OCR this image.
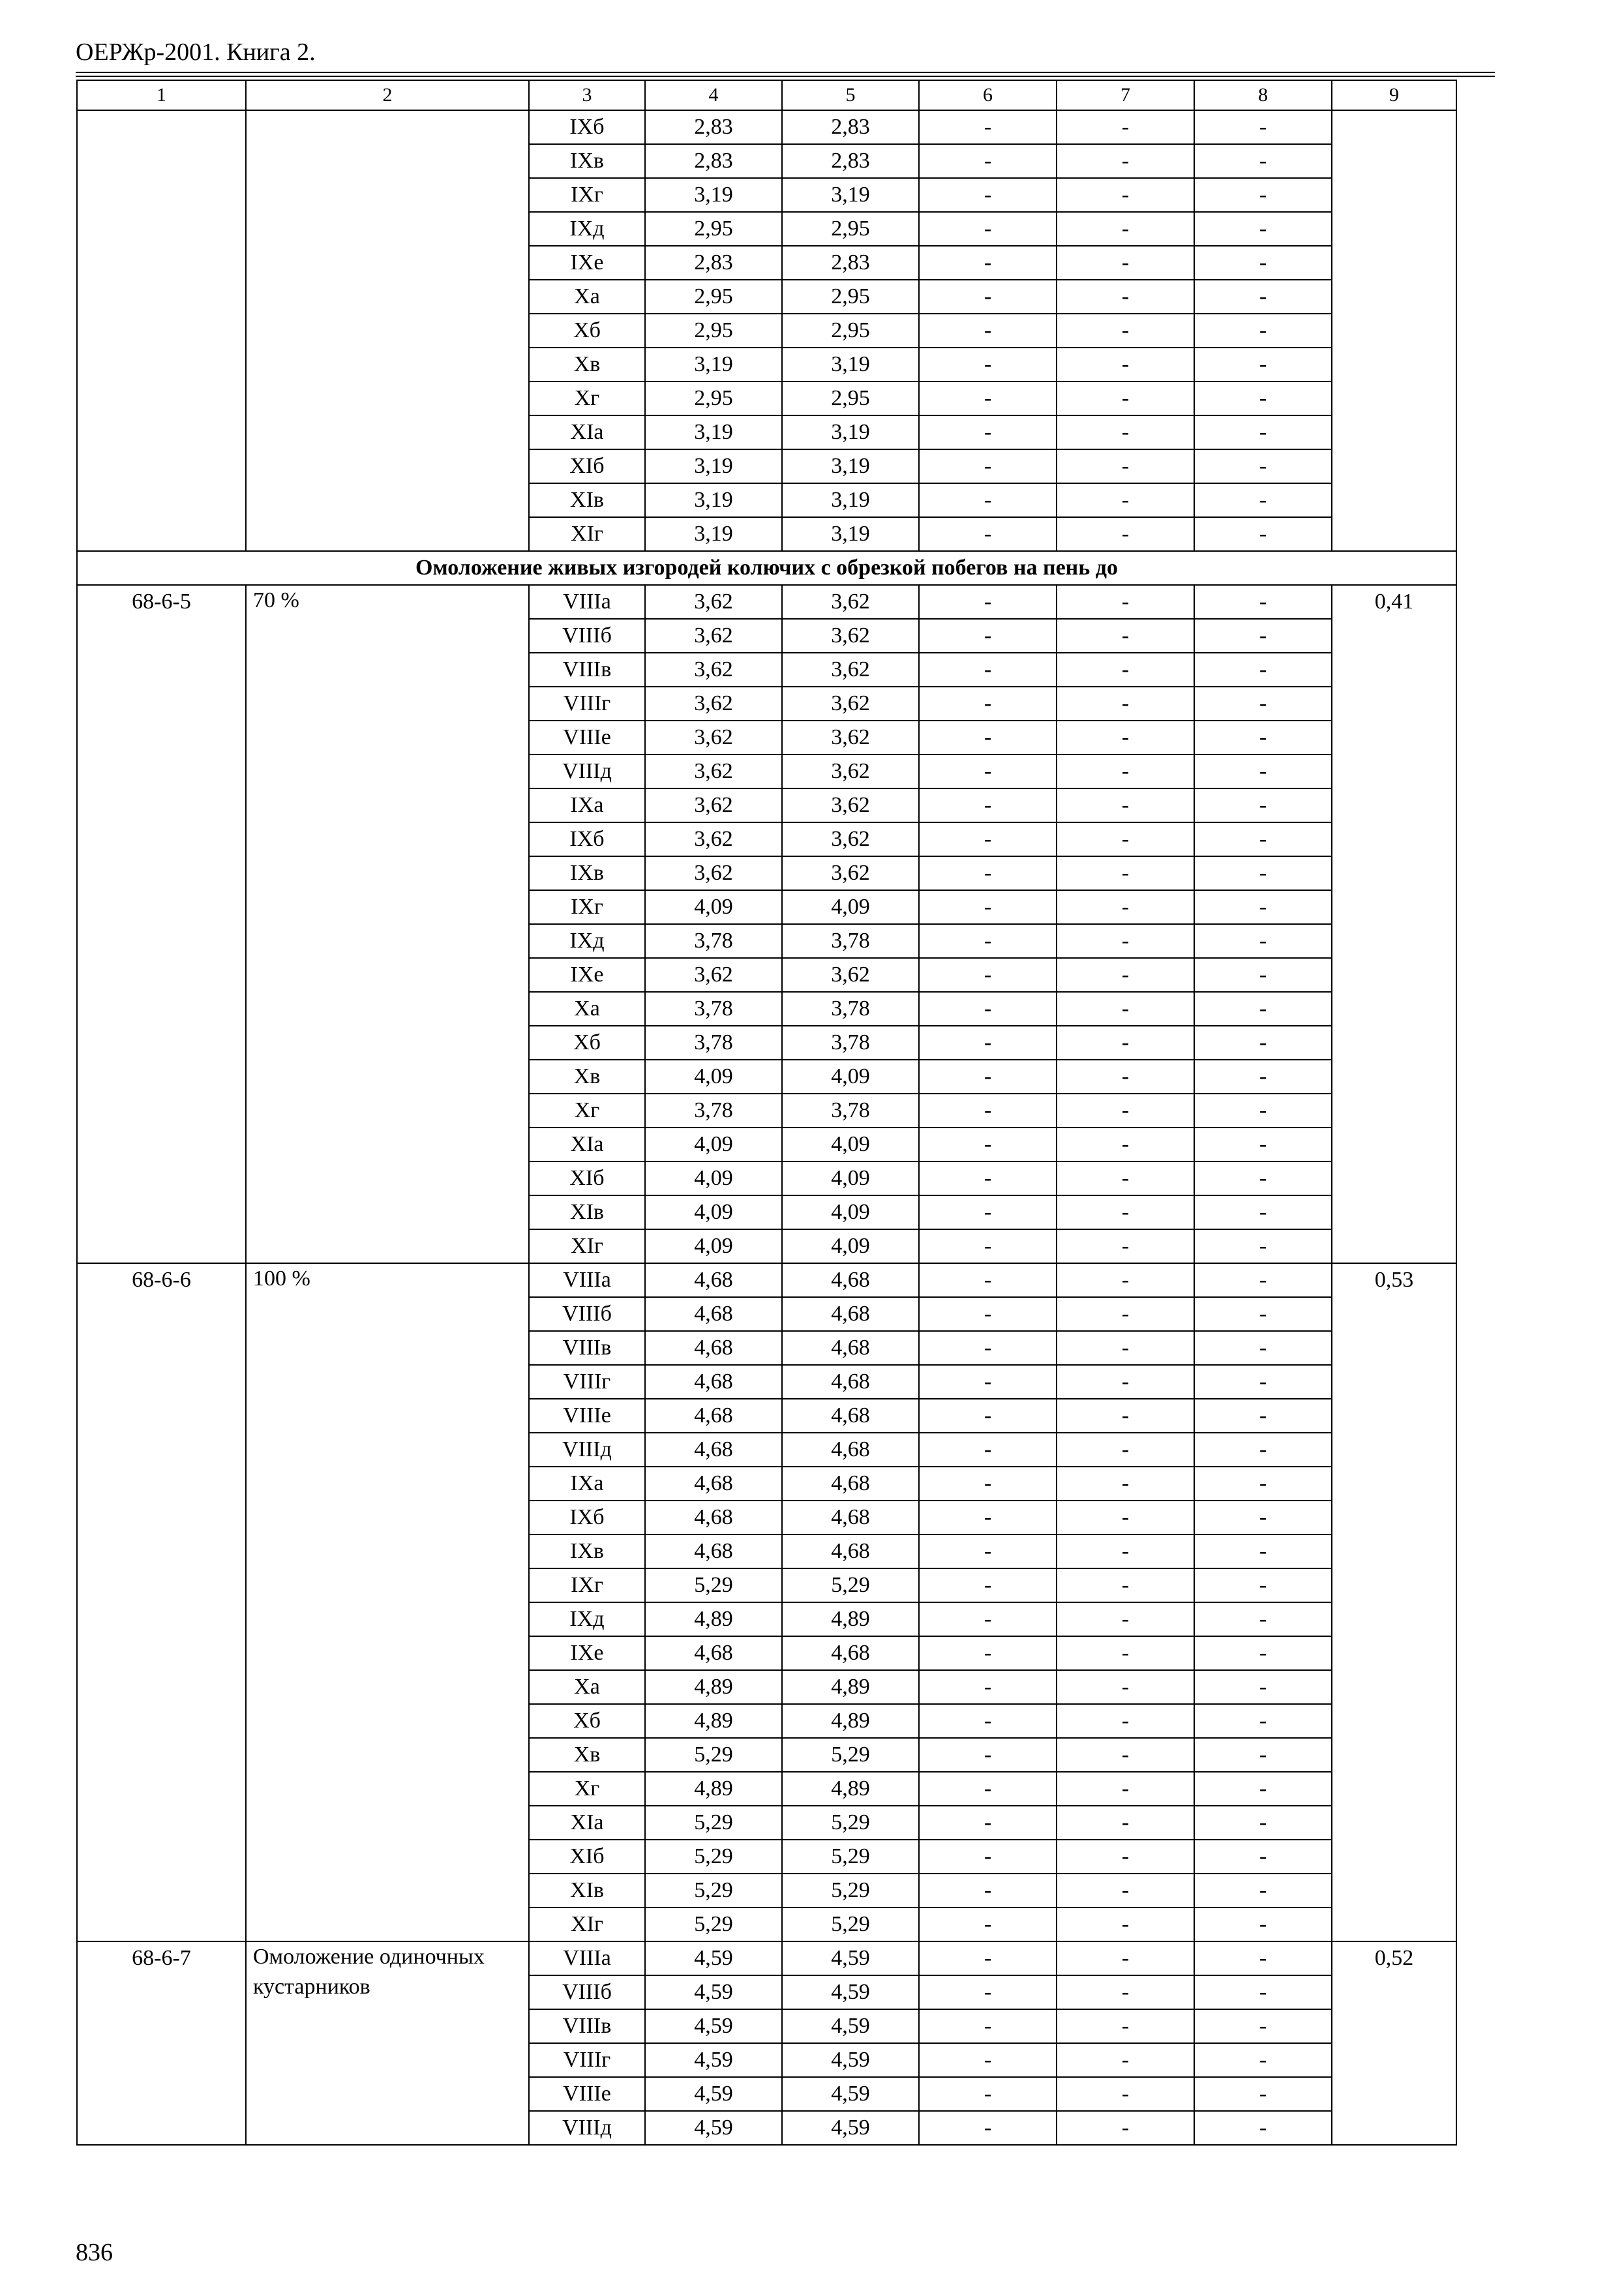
ОЕРЖр-2001. Книга 2.
1	2	3	4	5	6	7	8	9
		IXб	2,83	2,83	-	-	-	
		IXв	2,83	2,83	-	-	-	
		IXг	3,19	3,19	-	-	-	
		IXд	2,95	2,95	-	-	-	
		IXе	2,83	2,83	-	-	-	
		Xа	2,95	2,95	-	-	-	
		Xб	2,95	2,95	-	-	-	
		Xв	3,19	3,19	-	-	-	
		Xг	2,95	2,95	-	-	-	
		XIа	3,19	3,19	-	-	-	
		XIб	3,19	3,19	-	-	-	
		XIв	3,19	3,19	-	-	-	
		XIг	3,19	3,19	-	-	-	
Омоложение живых изгородей колючих с обрезкой побегов на пень до								
68-6-5	70 %	VIIIа	3,62	3,62	-	-	-	0,41
		VIIIб	3,62	3,62	-	-	-	
		VIIIв	3,62	3,62	-	-	-	
		VIIIг	3,62	3,62	-	-	-	
		VIIIе	3,62	3,62	-	-	-	
		VIIIд	3,62	3,62	-	-	-	
		IXа	3,62	3,62	-	-	-	
		IXб	3,62	3,62	-	-	-	
		IXв	3,62	3,62	-	-	-	
		IXг	4,09	4,09	-	-	-	
		IXд	3,78	3,78	-	-	-	
		IXе	3,62	3,62	-	-	-	
		Xа	3,78	3,78	-	-	-	
		Xб	3,78	3,78	-	-	-	
		Xв	4,09	4,09	-	-	-	
		Xг	3,78	3,78	-	-	-	
		XIа	4,09	4,09	-	-	-	
		XIб	4,09	4,09	-	-	-	
		XIв	4,09	4,09	-	-	-	
		XIг	4,09	4,09	-	-	-	
68-6-6	100 %	VIIIа	4,68	4,68	-	-	-	0,53
		VIIIб	4,68	4,68	-	-	-	
		VIIIв	4,68	4,68	-	-	-	
		VIIIг	4,68	4,68	-	-	-	
		VIIIе	4,68	4,68	-	-	-	
		VIIIд	4,68	4,68	-	-	-	
		IXа	4,68	4,68	-	-	-	
		IXб	4,68	4,68	-	-	-	
		IXв	4,68	4,68	-	-	-	
		IXг	5,29	5,29	-	-	-	
		IXд	4,89	4,89	-	-	-	
		IXе	4,68	4,68	-	-	-	
		Xа	4,89	4,89	-	-	-	
		Xб	4,89	4,89	-	-	-	
		Xв	5,29	5,29	-	-	-	
		Xг	4,89	4,89	-	-	-	
		XIа	5,29	5,29	-	-	-	
		XIб	5,29	5,29	-	-	-	
		XIв	5,29	5,29	-	-	-	
		XIг	5,29	5,29	-	-	-	
68-6-7	Омоложение одиночных кустарников	VIIIа	4,59	4,59	-	-	-	0,52
		VIIIб	4,59	4,59	-	-	-	
		VIIIв	4,59	4,59	-	-	-	
		VIIIг	4,59	4,59	-	-	-	
		VIIIе	4,59	4,59	-	-	-	
		VIIIд	4,59	4,59	-	-	-	
836
